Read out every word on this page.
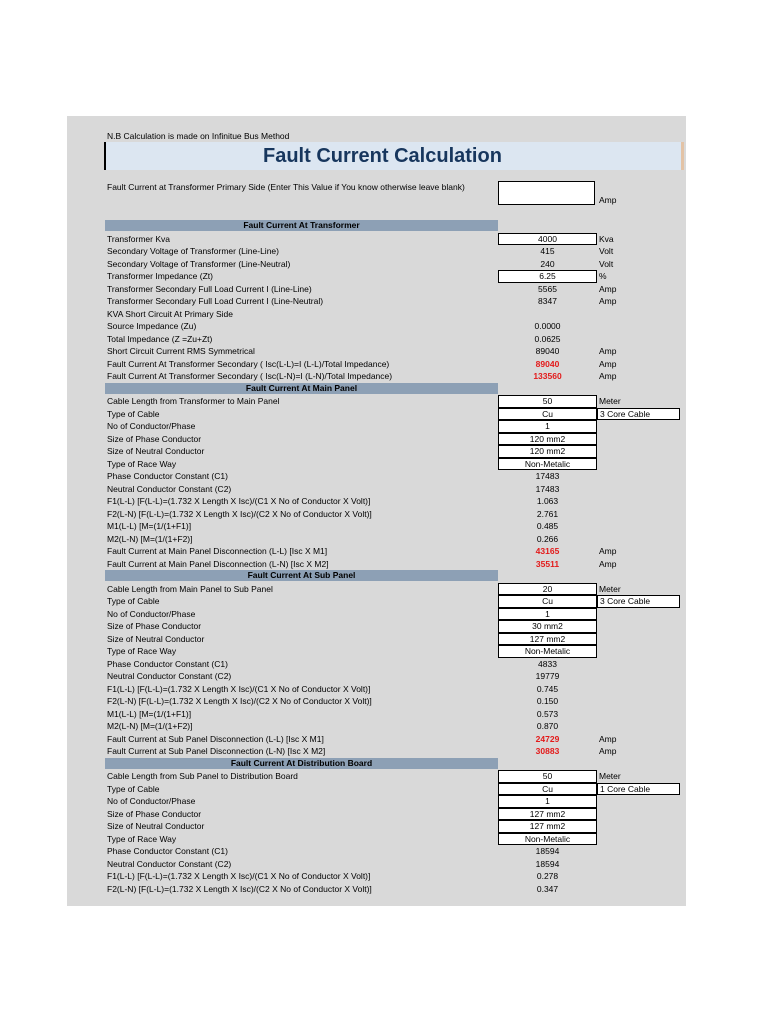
N.B Calculation is made on Infinitue Bus Method
Fault Current Calculation
Fault Current at Transformer Primary Side (Enter This Value if You know otherwise leave blank)
Amp
Fault Current At Transformer
Transformer Kva	4000	Kva
Secondary Voltage of Transformer (Line-Line)	415	Volt
Secondary Voltage of Transformer (Line-Neutral)	240	Volt
Transformer Impedance (Zt)	6.25	%
Transformer Secondary Full Load Current I (Line-Line)	5565	Amp
Transformer Secondary Full Load Current I (Line-Neutral)	8347	Amp
KVA Short Circuit At Primary Side
Source Impedance (Zu)	0.0000
Total Impedance (Z =Zu+Zt)	0.0625
Short Circuit Current RMS Symmetrical	89040	Amp
Fault Current At Transformer Secondary ( Isc(L-L)=I (L-L)/Total Impedance)	89040	Amp
Fault Current At Transformer Secondary ( Isc(L-N)=I (L-N)/Total Impedance)	133560	Amp
Fault Current At Main Panel
Cable Length from Transformer to Main Panel	50	Meter
Type of Cable	Cu	3 Core Cable
No of Conductor/Phase	1
Size of Phase Conductor	120 mm2
Size of Neutral Conductor	120 mm2
Type of Race Way	Non-Metalic
Phase Conductor Constant (C1)	17483
Neutral Conductor Constant (C2)	17483
F1(L-L) [F(L-L)=(1.732 X Length X Isc)/(C1 X No of Conductor X Volt)]	1.063
F2(L-N) [F(L-L)=(1.732 X Length X Isc)/(C2 X No of Conductor X Volt)]	2.761
M1(L-L) [M=(1/(1+F1)]	0.485
M2(L-N) [M=(1/(1+F2)]	0.266
Fault Current at Main Panel Disconnection (L-L) [Isc X M1]	43165	Amp
Fault Current at Main Panel Disconnection (L-N) [Isc X M2]	35511	Amp
Fault Current At Sub Panel
Cable Length from Main Panel to Sub Panel	20	Meter
Type of Cable	Cu	3 Core Cable
No of Conductor/Phase	1
Size of Phase Conductor	30 mm2
Size of Neutral Conductor	127 mm2
Type of Race Way	Non-Metalic
Phase Conductor Constant (C1)	4833
Neutral Conductor Constant (C2)	19779
F1(L-L) [F(L-L)=(1.732 X Length X Isc)/(C1 X No of Conductor X Volt)]	0.745
F2(L-N) [F(L-L)=(1.732 X Length X Isc)/(C2 X No of Conductor X Volt)]	0.150
M1(L-L) [M=(1/(1+F1)]	0.573
M2(L-N) [M=(1/(1+F2)]	0.870
Fault Current at Sub Panel Disconnection (L-L) [Isc X M1]	24729	Amp
Fault Current at Sub Panel Disconnection (L-N) [Isc X M2]	30883	Amp
Fault Current At Distribution Board
Cable Length from Sub Panel to Distribution Board	50	Meter
Type of Cable	Cu	1 Core Cable
No of Conductor/Phase	1
Size of Phase Conductor	127 mm2
Size of Neutral Conductor	127 mm2
Type of Race Way	Non-Metalic
Phase Conductor Constant (C1)	18594
Neutral Conductor Constant (C2)	18594
F1(L-L) [F(L-L)=(1.732 X Length X Isc)/(C1 X No of Conductor X Volt)]	0.278
F2(L-N) [F(L-L)=(1.732 X Length X Isc)/(C2 X No of Conductor X Volt)]	0.347
